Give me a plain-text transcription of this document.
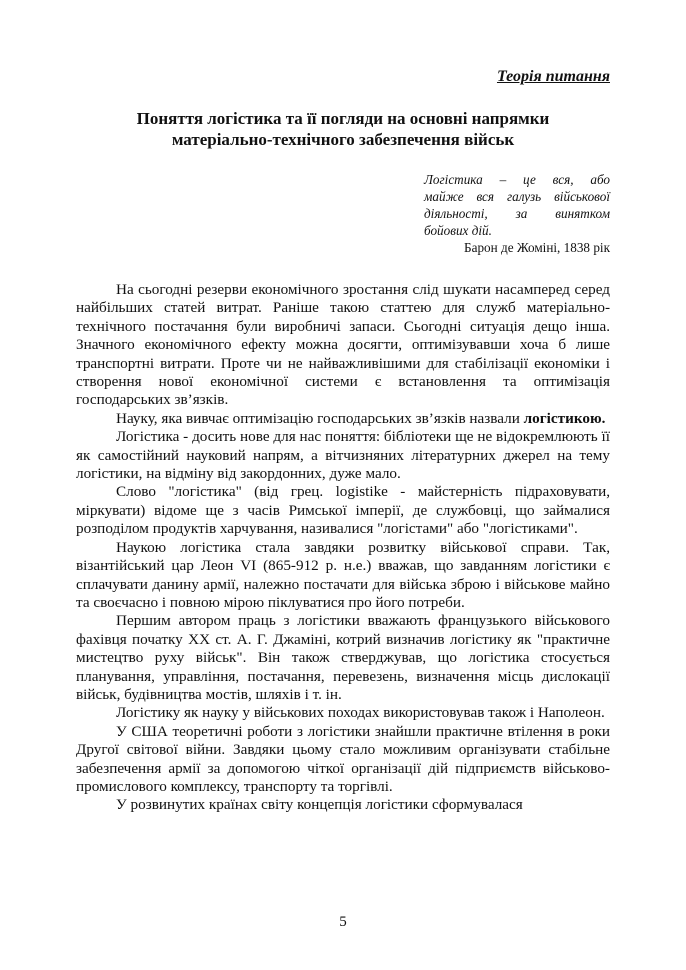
Теорія питання
Поняття логістика та її погляди на основні напрямки
матеріально-технічного забезпечення військ
Логістика – це вся, або
майже вся галузь військової
діяльності, за винятком
бойових дій.
Барон де Жоміні, 1838 рік

На сьогодні резерви економічного зростання слід шукати насамперед серед найбільших статей витрат. Раніше такою статтею для служб матеріально-технічного постачання були виробничі запаси. Сьогодні ситуація дещо інша. Значного економічного ефекту можна досягти, оптимізувавши хоча б лише транспортні витрати. Проте чи не найважливішими для стабілізації економіки і створення нової економічної системи є встановлення та оптимізація господарських зв’язків.

Науку, яка вивчає оптимізацію господарських зв’язків назвали логістикою.

Логістика - досить нове для нас поняття: бібліотеки ще не відокремлюють її як самостійний науковий напрям, а вітчизняних літературних джерел на тему логістики, на відміну від закордонних, дуже мало.

Слово "логістика" (від грец. logistike - майстерність підраховувати, міркувати) відоме ще з часів Римської імперії, де службовці, що займалися розподілом продуктів харчування, називалися "логістами" або "логістиками".

Наукою логістика стала завдяки розвитку військової справи. Так, візантійський цар Леон VI (865-912 р. н.е.) вважав, що завданням логістики є сплачувати данину армії, належно постачати для війська зброю і військове майно та своєчасно і повною мірою піклуватися про його потреби.

Першим автором праць з логістики вважають французького військового фахівця початку ХХ ст. А. Г. Джаміні, котрий визначив логістику як "практичне мистецтво руху військ". Він також стверджував, що логістика стосується планування, управління, постачання, перевезень, визначення місць дислокації військ, будівництва мостів, шляхів і т. ін.

Логістику як науку у військових походах використовував також і Наполеон.

У США теоретичні роботи з логістики знайшли практичне втілення в роки Другої світової війни. Завдяки цьому стало можливим організувати стабільне забезпечення армії за допомогою чіткої організації дій підприємств військово-промислового комплексу, транспорту та торгівлі.

У розвинутих країнах світу концепція логістики сформувалася

5
